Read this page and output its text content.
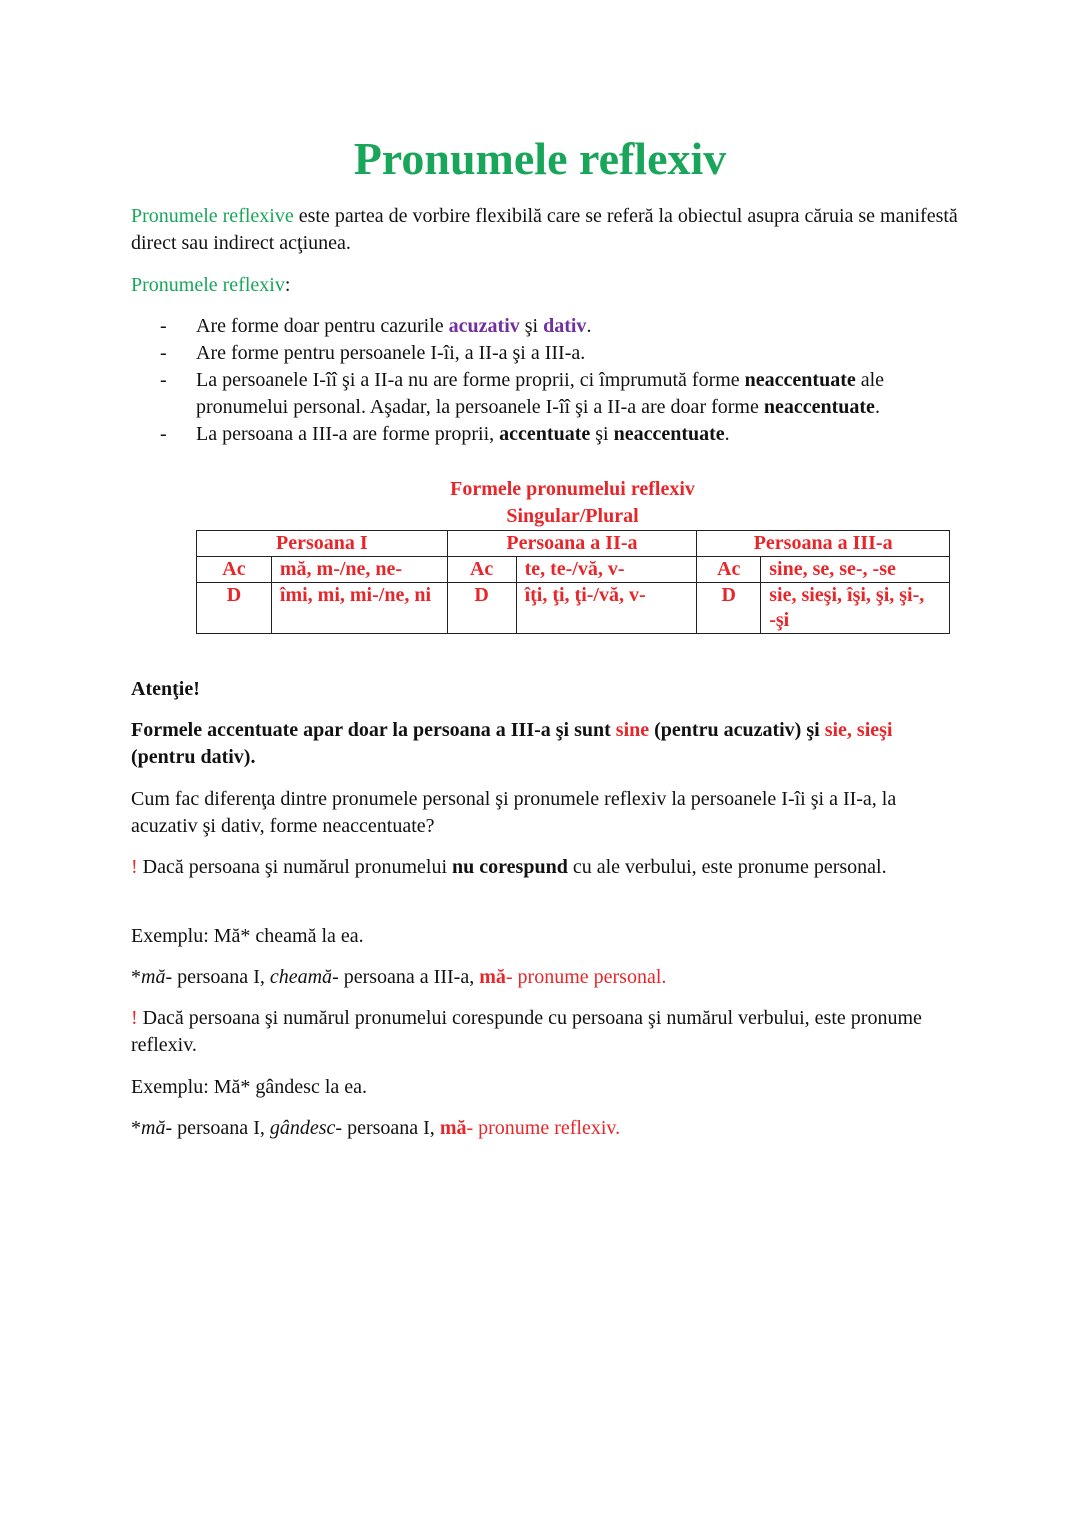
Pronumele reflexiv

Pronumele reflexive este partea de vorbire flexibilă care se referă la obiectul asupra căruia se manifestă direct sau indirect acţiunea.

Pronumele reflexiv:

- Are forme doar pentru cazurile acuzativ şi dativ.
- Are forme pentru persoanele I-îi, a II-a şi a III-a.
- La persoanele I-îî şi a II-a nu are forme proprii, ci împrumută forme neaccentuate ale pronumelui personal. Aşadar, la persoanele I-îî şi a II-a are doar forme neaccentuate.
- La persoana a III-a are forme proprii, accentuate şi neaccentuate.
Formele pronumelui reflexiv
Singular/Plural
Persoana I		Persoana a II-a		Persoana a III-a	
Ac	mă, m-/ne, ne-	Ac	te, te-/vă, v-	Ac	sine, se, se-, -se
D	îmi, mi, mi-/ne, ni	D	îţi, ţi, ţi-/vă, v-	D	sie, sieşi, îşi, şi, şi-, -şi

Atenţie!

Formele accentuate apar doar la persoana a III-a şi sunt sine (pentru acuzativ) şi sie, sieşi (pentru dativ).

Cum fac diferenţa dintre pronumele personal şi pronumele reflexiv la persoanele I-îi şi a II-a, la acuzativ şi dativ, forme neaccentuate?

! Dacă persoana şi numărul pronumelui nu corespund cu ale verbului, este pronume personal.

Exemplu: Mă* cheamă la ea.

*mă- persoana I, cheamă- persoana a III-a, mă- pronume personal.

! Dacă persoana şi numărul pronumelui corespunde cu persoana şi numărul verbului, este pronume reflexiv.

Exemplu: Mă* gândesc la ea.

*mă- persoana I, gândesc- persoana I, mă- pronume reflexiv.
